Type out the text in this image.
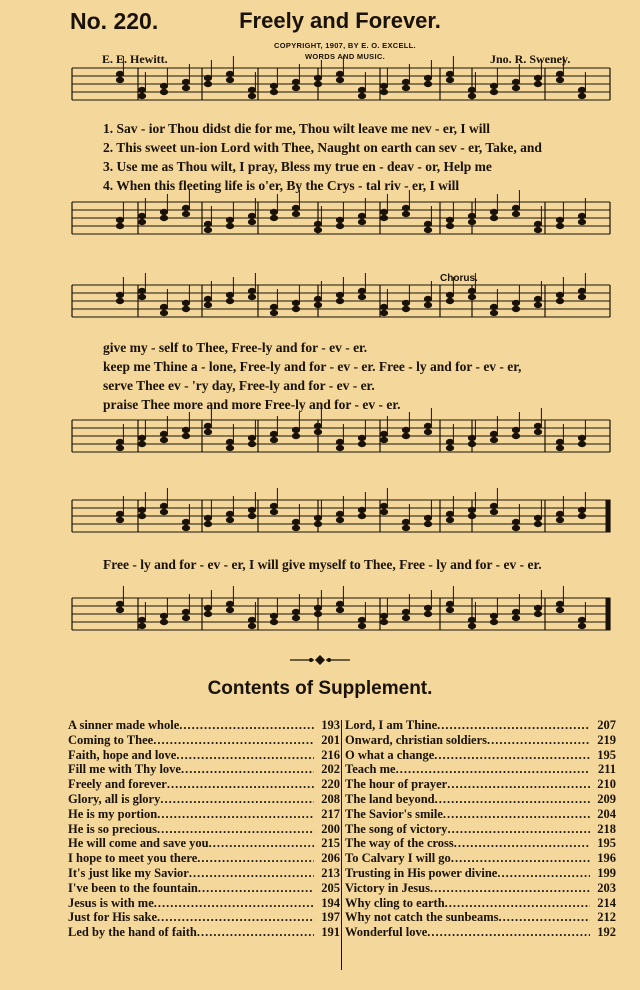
No. 220.	Freely and Forever.
COPYRIGHT, 1907, BY E. O. EXCELL.
WORDS AND MUSIC.
E. E. Hewitt.	Jno. R. Sweney.
Chorus.
1. Sav - ior Thou didst die for me, Thou wilt leave me nev - er, I will
2. This sweet un-ion Lord with Thee, Naught on earth can sev - er, Take, and
3. Use me as Thou wilt, I pray, Bless my true en - deav - or, Help me
4. When this fleeting life is o'er, By the Crys - tal riv - er, I will
give my - self to Thee, Free-ly and for - ev - er.
keep me Thine a - lone, Free-ly and for - ev - er. Free - ly and for - ev - er,
serve Thee ev - 'ry day, Free-ly and for - ev - er.
praise Thee more and more Free-ly and for - ev - er.
Free - ly and for - ev - er, I will give myself to Thee, Free - ly and for - ev - er.
Contents of Supplement.
A sinner made whole .....	193
Coming to Thee .....	201
Faith, hope and love .....	216
Fill me with Thy love .....	202
Freely and forever .....	220
Glory, all is glory .....	208
He is my portion .....	217
He is so precious .....	200
He will come and save you .....	215
I hope to meet you there .....	206
It's just like my Savior .....	213
I've been to the fountain .....	205
Jesus is with me .....	194
Just for His sake .....	197
Led by the hand of faith .....	191
Lord, I am Thine .....	207
Onward, christian soldiers .....	219
O what a change .....	195
Teach me .....	211
The hour of prayer .....	210
The land beyond .....	209
The Savior's smile .....	204
The song of victory .....	218
The way of the cross .....	195
To Calvary I will go .....	196
Trusting in His power divine .....	199
Victory in Jesus .....	203
Why cling to earth .....	214
Why not catch the sunbeams .....	212
Wonderful love .....	192
